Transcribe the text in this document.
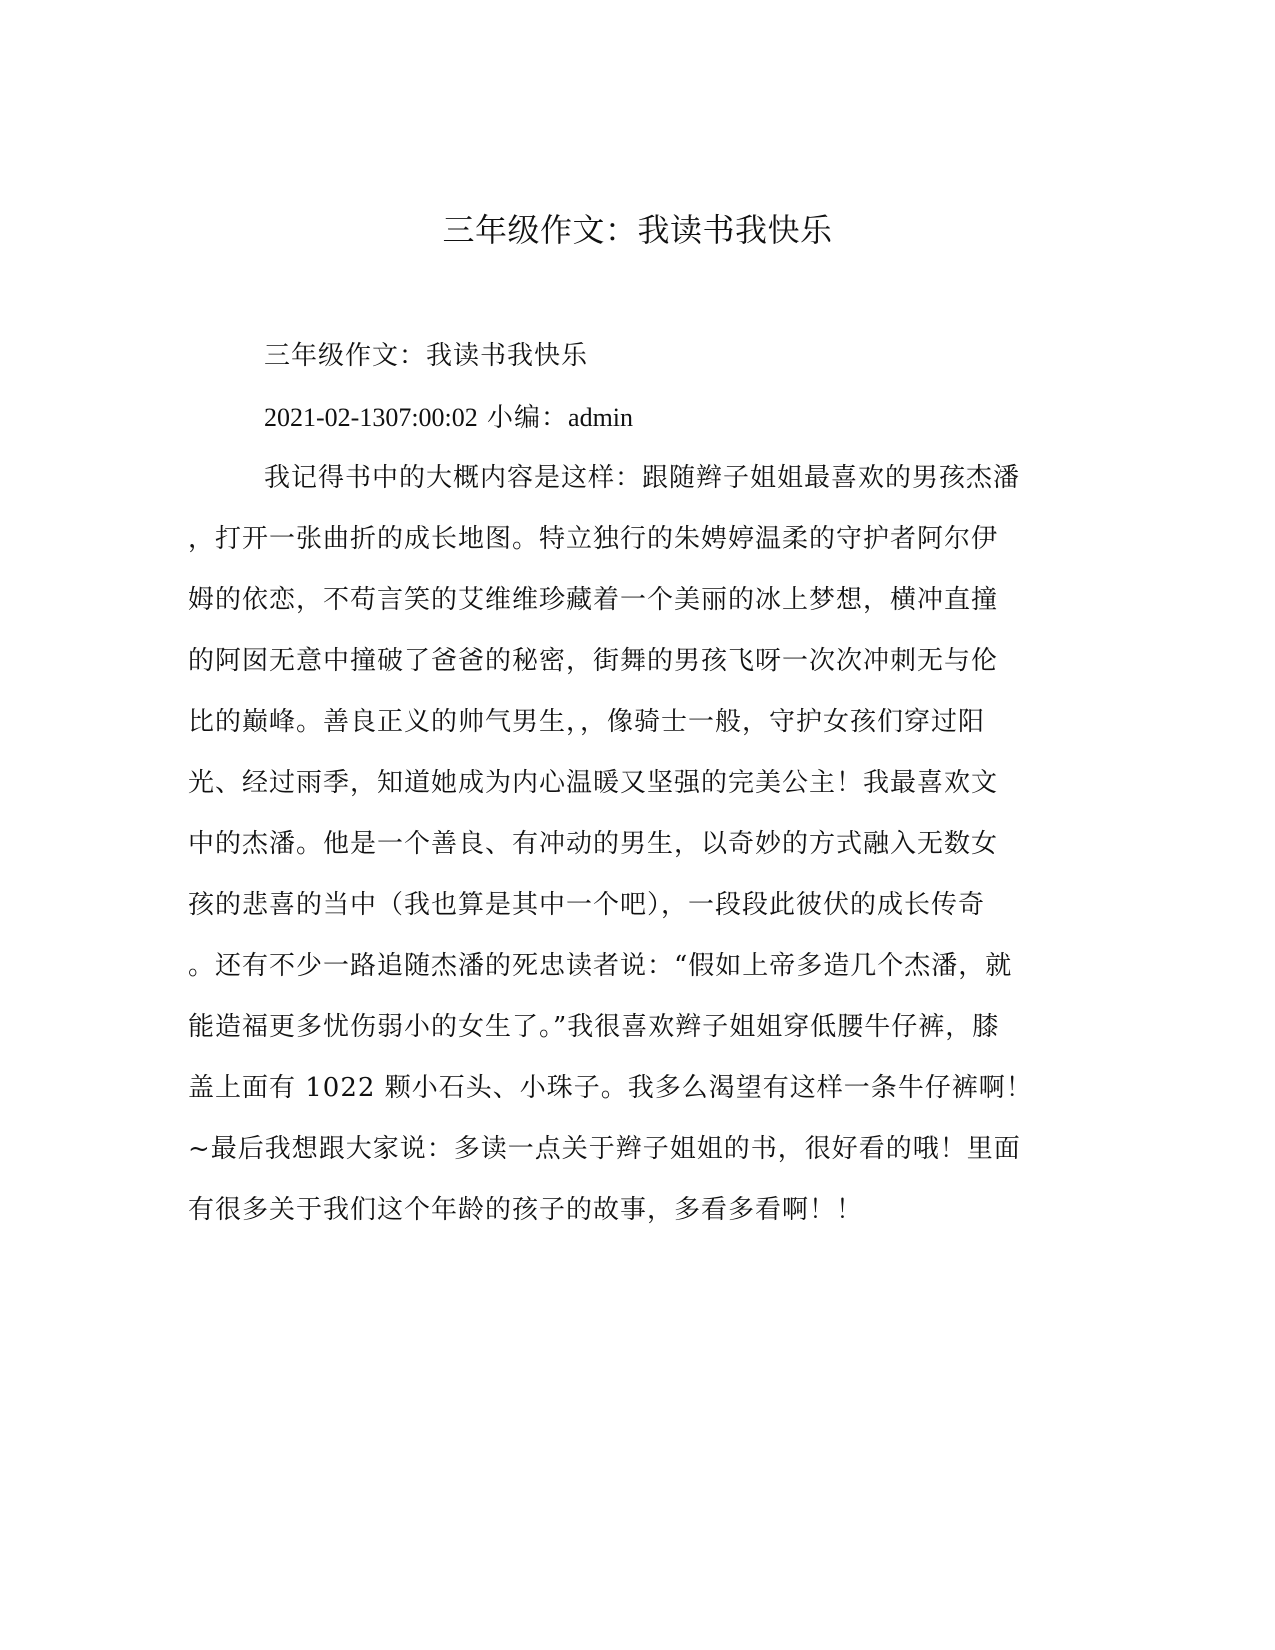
三年级作文：我读书我快乐
三年级作文：我读书我快乐
2021-02-1307:00:02 小编：admin
我记得书中的大概内容是这样：跟随辫子姐姐最喜欢的男孩杰潘
，打开一张曲折的成长地图。特立独行的朱娉婷温柔的守护者阿尔伊
姆的依恋，不苟言笑的艾维维珍藏着一个美丽的冰上梦想，横冲直撞
的阿囡无意中撞破了爸爸的秘密，街舞的男孩飞呀一次次冲刺无与伦
比的巅峰。善良正义的帅气男生，，像骑士一般，守护女孩们穿过阳
光、经过雨季，知道她成为内心温暖又坚强的完美公主！我最喜欢文
中的杰潘。他是一个善良、有冲动的男生，以奇妙的方式融入无数女
孩的悲喜的当中（我也算是其中一个吧），一段段此彼伏的成长传奇
。还有不少一路追随杰潘的死忠读者说：“假如上帝多造几个杰潘，就
能造福更多忧伤弱小的女生了。”我很喜欢辫子姐姐穿低腰牛仔裤，膝
盖上面有 1022 颗小石头、小珠子。我多么渴望有这样一条牛仔裤啊！
~最后我想跟大家说：多读一点关于辫子姐姐的书，很好看的哦！里面
有很多关于我们这个年龄的孩子的故事，多看多看啊！！
